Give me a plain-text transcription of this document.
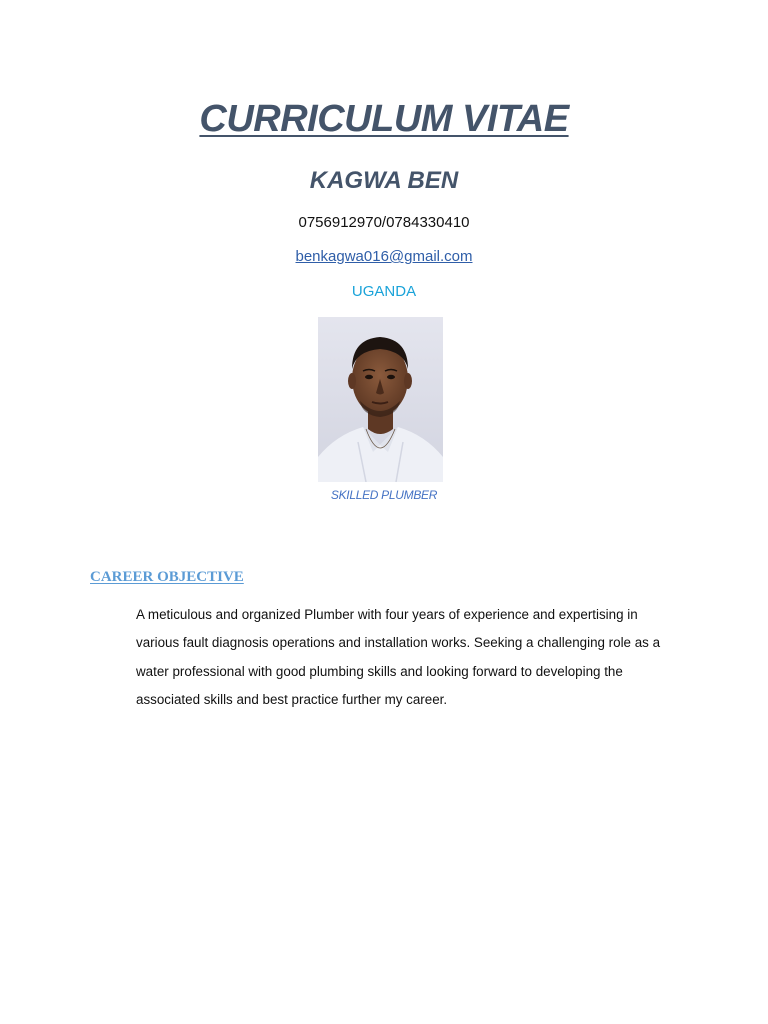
CURRICULUM VITAE
KAGWA BEN
0756912970/0784330410
benkagwa016@gmail.com
UGANDA
SKILLED PLUMBER
CAREER OBJECTIVE

A meticulous and organized Plumber with four years of experience and expertising in various fault diagnosis operations and installation works. Seeking a challenging role as a water professional with good plumbing skills and looking forward to developing the associated skills and best practice further my career.
